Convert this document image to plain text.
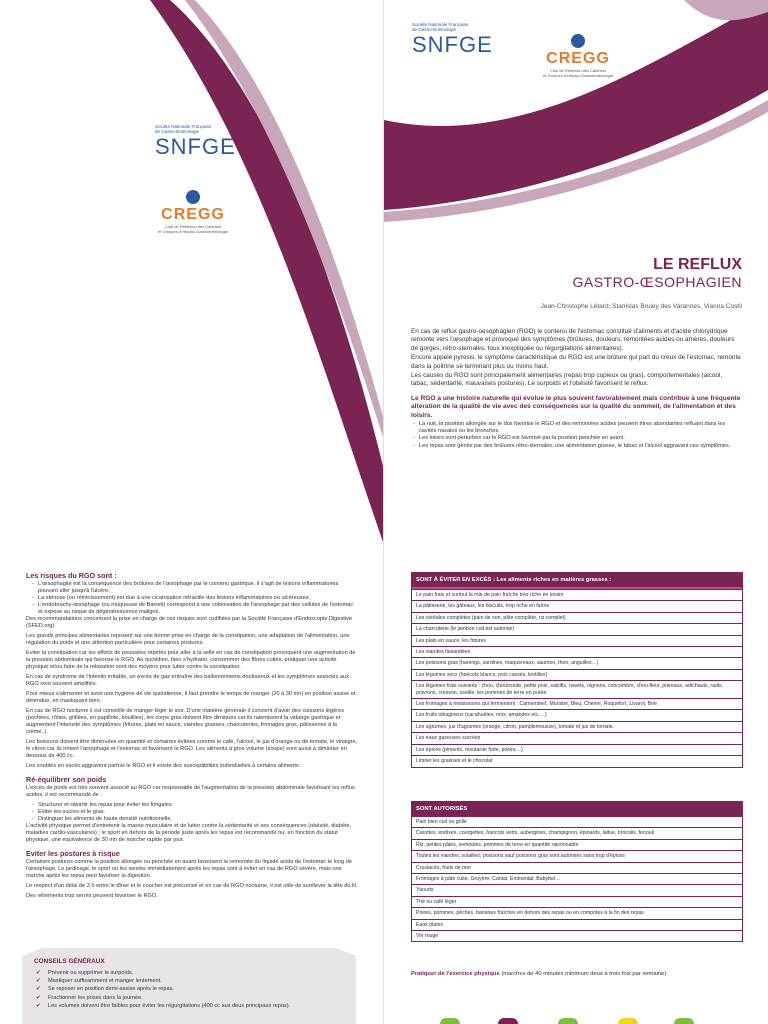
Société Nationale Française
de Gastro-Entérologie
SNFGE
CREGG
Club de Réflexion des Cabinets
et Groupes d'Hépato-Gastroentérologie
Société Nationale Française
de Gastro-Entérologie
SNFGE
CREGG
Club de Réflexion des Cabinets
et Groupes d'Hépato-Gastroentérologie
LE REFLUX
GASTRO-ŒSOPHAGIEN
Jean-Christophe Létard, Stanislas Bruley des Varannes, Vianna Costil

En cas de reflux gastro-oesophagien (RGO) le contenu de l'estomac constitué d'aliments et d'acide chlorydrique remonte vers l'œsophage et provoque des symptômes (brûlures, douleurs, remontées acides ou amères, douleurs de gorges, rétro-sternales, toux inexpliquée ou régurgitations alimentaires).

Encore appelé pyrosis, le symptôme caractéristique du RGO est une brûlure qui part du creux de l'estomac, remonte dans la poitrine se terminant plus ou moins haut.

Les causes du RGO sont principalement alimentaires (repas trop copieux ou gras), comportementales (alcool, tabac, sédentarité, mauvaises postures). Le surpoids et l'obésité favorisent le reflux.

Le RGO a une histoire naturelle qui évolue le plus souvent favorablement mais contribue à une fréquente altération de la qualité de vie avec des conséquences sur la qualité du sommeil, de l'alimentation et des loisirs.

- La nuit, la position allongée sur le dos favorise le RGO et des remontées acides peuvent êtres abondantes refluant dans les cavités nasales ou les bronches.
- Les loisirs sont perturbés car le RGO est favorisé par la position penchée en avant.
- Les repas sont gênés par des brûlures rétro-sternales, une alimentation grasse, le tabac et l'alcool aggravant ces symptômes.
Les risques du RGO sont :
- L'œsophagite est la conséquence des brûlures de l'œsophage par le contenu gastrique, il s'agit de lésions inflammatoires pouvant aller jusqu'à l'ulcère.
- La sténose (ou rétrécissement) est due à une cicatrisation rétractile des lésions inflammatoires ou ulcéreuses.
- L'endobrachy-œsophage (ou muqueuse de Barrett) correspond à une colonisation de l'œsophage par des cellules de l'estomac et expose au risque de dégénérescence maligne.

Des recommandations concernant la prise en charge de ces risques sont codifiées par la Société Française d'Endoscopie Digestive (SFED.org).

Les grands principes alimentaires reposent sur une bonne prise en charge de la constipation, une adaptation de l'alimentation, une régulation du poids et une attention particulière pour certaines postures.

Eviter la constipation car les efforts de poussées répétés pour aller à la selle en cas de constipation provoquent une augmentation de la pression abdominale qui favorise le RGO. Au quotidien, bien s'hydrater, consommer des fibres cuites, pratiquer une activité physique et/ou faire de la relaxation sont des moyens pour lutter contre la constipation.

En cas de syndrome de l'intestin irritable, un excès de gaz entraîne des ballonnements douloureux et les symptômes associés aux RGO sont souvent amplifiés.

Pour mieux s'alimenter et avoir une hygiène de vie quotidienne, il faut prendre le temps de manger (20 à 30 mn) en position assise et détendue, en mastiquant bien.

En cas de RGO nocturne il est conseillé de manger léger le soir. D'une manière générale il convient d'avoir des cuissons légères (pochées, rôties, grillées, en papillote, bouillies), les corps gras doivent être diminués car ils ralentissent la vidange gastrique et augmentent l'intensité des symptômes (fritures, plats en sauce, viandes grasses, charcuteries, fromages gras, pâtisseries à la crème..).

Les boissons doivent être diminuées en quantité et certaines évitées comme le café, l'alcool, le jus d'orange ou de tomate, le vinaigre, le citron car ils irritent l'œsophage et l'estomac et favorisent le RGO. Les aliments à gros volume (soupe) sont aussi à diminuer en dessous de 400 cc.

Les crudités en excès aggravent parfois le RGO et il existe des susceptibilités individuelles à certains aliments.

Ré-équilibrer son poids

L'excès de poids est très souvent associé au RGO car responsable de l'augmentation de la pression abdominale favorisant les reflux acides, il est recommandé de :

- Structurer et répartir les repas pour éviter les fringales.
- Eviter les sucres et le gras.
- Distinguer les aliments de haute densité nutritionnelle.

L'activité physique permet d'entretenir la masse musculaire et de lutter contre la sédentarité et ses conséquences (obésité, diabète, maladies cardio-vasculaires) ; le sport en dehors de la période juste après les repas est recommandé ou, en fonction du statut physique, une équivalence de 30 mn de marche rapide par jour.

Eviter les postures à risque

Certaines postures comme la position allongée ou penchée en avant favorisent la remontée du liquide acide de l'estomac le long de l'œsophage. Le jardinage, le sport ou les siestes immédiatement après les repas sont à éviter en cas de RGO sévère, mais une marche après les repas peut favoriser la digestion.

Le respect d'un délai de 3 h entre le dîner et le coucher est préconisé et en cas de RGO nocturne, il est utile de surélever la tête du lit.

Des vêtements trop serrés peuvent favoriser le RGO.

CONSEILS GÉNÉRAUX
✔ Prévenir ou supprimer le surpoids.
✔ Mastiquer suffisamment et manger lentement.
✔ Se reposer en position demi-assise après le repas.
✔ Fractionner les prises dans la journée.
✔ Les volumes doivent être faibles pour éviter les régurgitations (400 cc aux deux principaux repas).
SONT À ÉVITER EN EXCÈS : Les aliments riches en matières grasses :
Le pain frais et surtout la mie de pain fraîche très riche en levain
La pâtisserie, les gâteaux, les biscuits, trop riche en farine
Les céréales complètes (pain de son, pâte complète, riz complet)
La charcuterie (le jambon cuit est autorisé)
Les plats en sauce, les fritures
Les viandes faisandées
Les poissons gras (harengs, sardines, maquereaux, saumon, thon, anguilles…)
Les légumes secs (haricots blancs, pois cassés, lentilles)
Les légumes frais suivants : chou, choucroute, petits pois, salsifis, navets, oignons, concombre, chou-fleur, poireaux, artichauts, radis, poivrons, cresson, oseille, les pommes de terre en purée
Les fromages à moisissures qui fermentent : Camembert, Munster, Bleu, Chèvre, Roquefort, Livarot, Brie
Les fruits oléagineux (cacahuètes, noix, amandes etc.…)
Les agrumes, jus d'agrumes (orange, citron, pamplemousse), tomate et jus de tomate.
Les eaux gazeuses sucrées
Les épices (piments, moutarde forte, poivre…)
Limiter les graisses et le chocolat
SONT AUTORISÉS
Pain bien cuit ou grillé
Carottes, endives, courgettes, haricots verts, aubergines, champignon, épinards, laitue, brocolis, fenouil
Riz, petites pâtes, semoules, pommes de terre en quantité raisonnable
Toutes les viandes, volailles, poissons sauf poissons gras sont autorisés sans trop d'épices
Crustacés, fruits de mer
Fromages à pâte cuite, Gruyère, Cantal, Emmental, Babybel…
Yaourts
Thé ou café léger
Poires, pommes, pêches, bananes fraîches en dehors des repas ou en compotes à la fin des repas
Eaux plates
Vin rouge
Pratiquer de l'exercice physique (marches de 40 minutes minimum deux à trois fois par semaine)
